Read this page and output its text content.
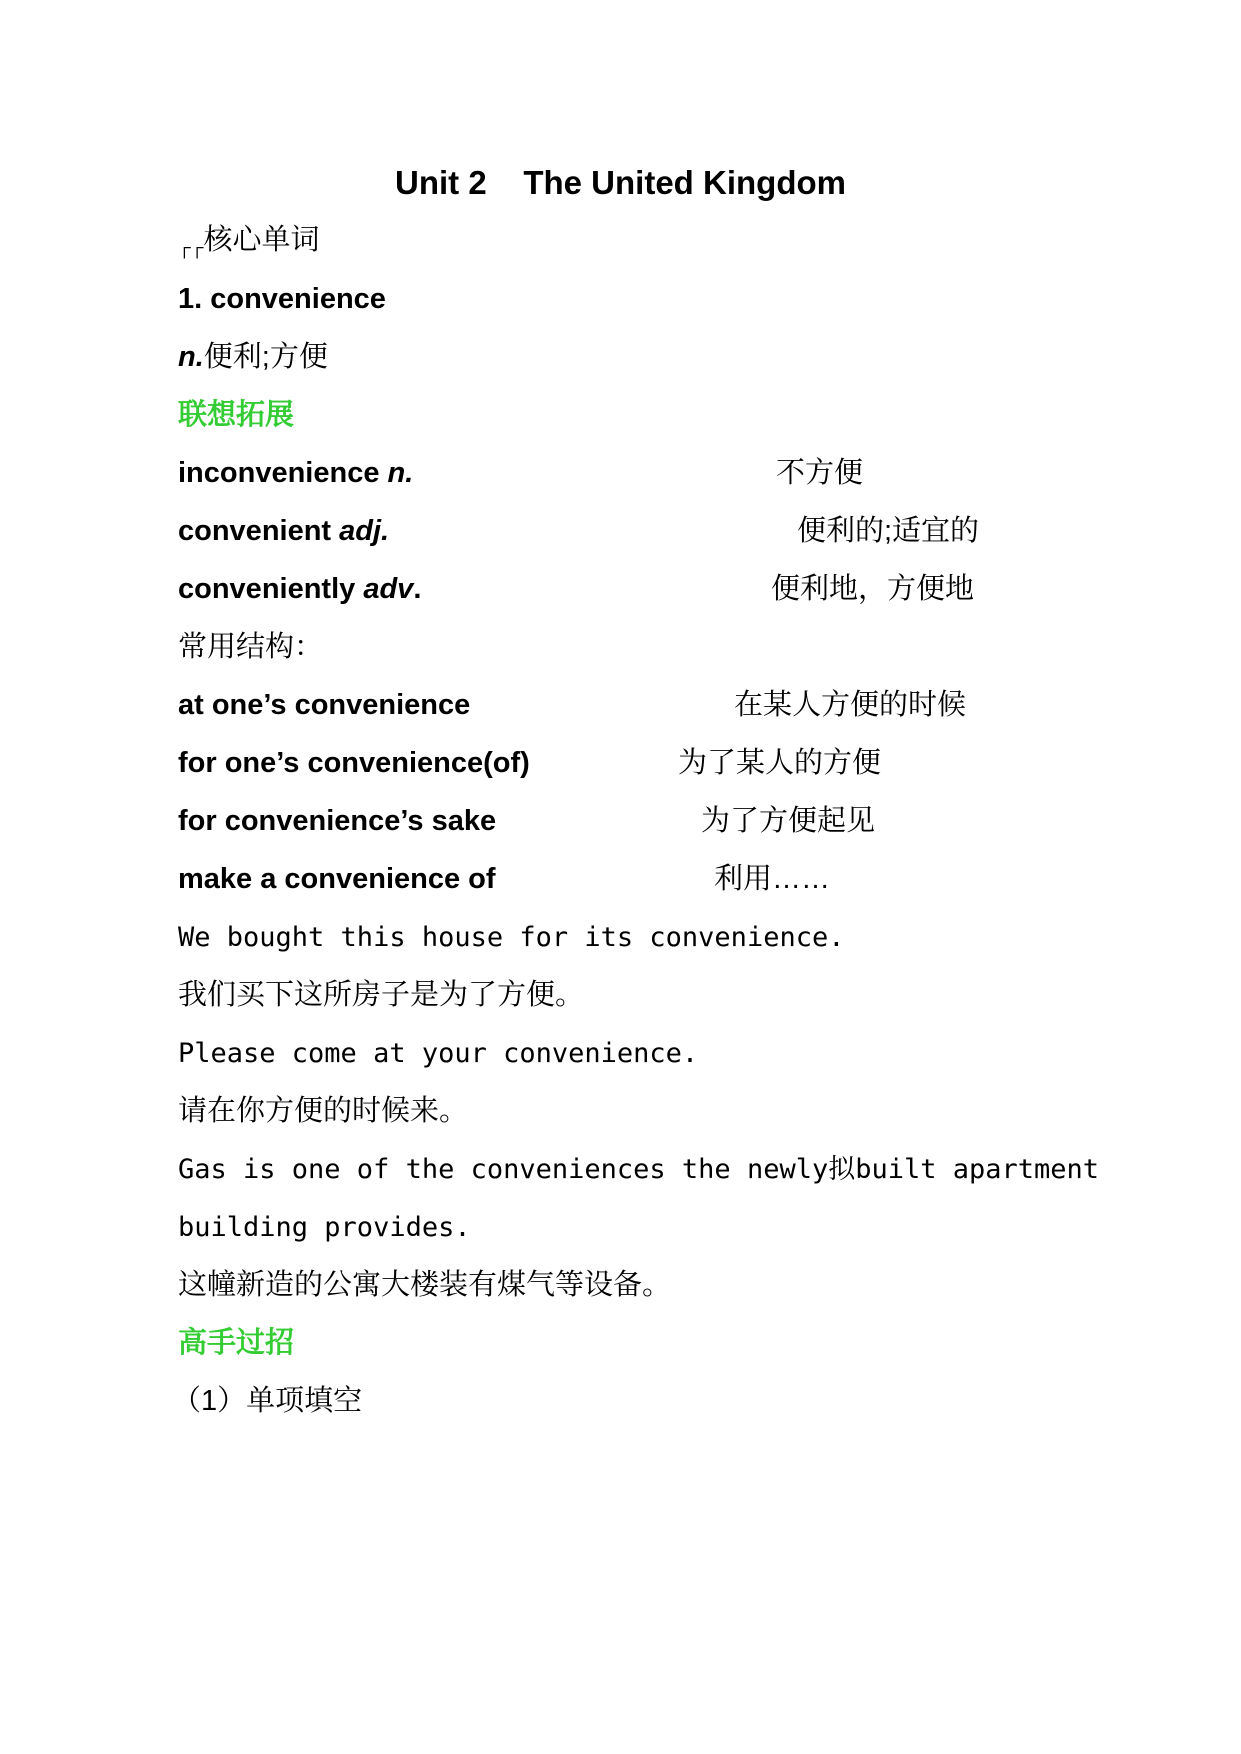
Unit 2    The United Kingdom
┌┌核心单词
1. convenience
n.便利;方便
联想拓展
inconvenience n.	不方便
convenient adj.	便利的;适宜的
conveniently adv.	便利地，方便地
常用结构：
at one’s convenience	在某人方便的时候
for one’s convenience(of)	为了某人的方便
for convenience’s sake	为了方便起见
make a convenience of	利用……
We bought this house for its convenience.
我们买下这所房子是为了方便。
Please come at your convenience.
请在你方便的时候来。
Gas is one of the conveniences the newly拟built apartment
building provides.
这幢新造的公寓大楼装有煤气等设备。
高手过招
（1）单项填空
